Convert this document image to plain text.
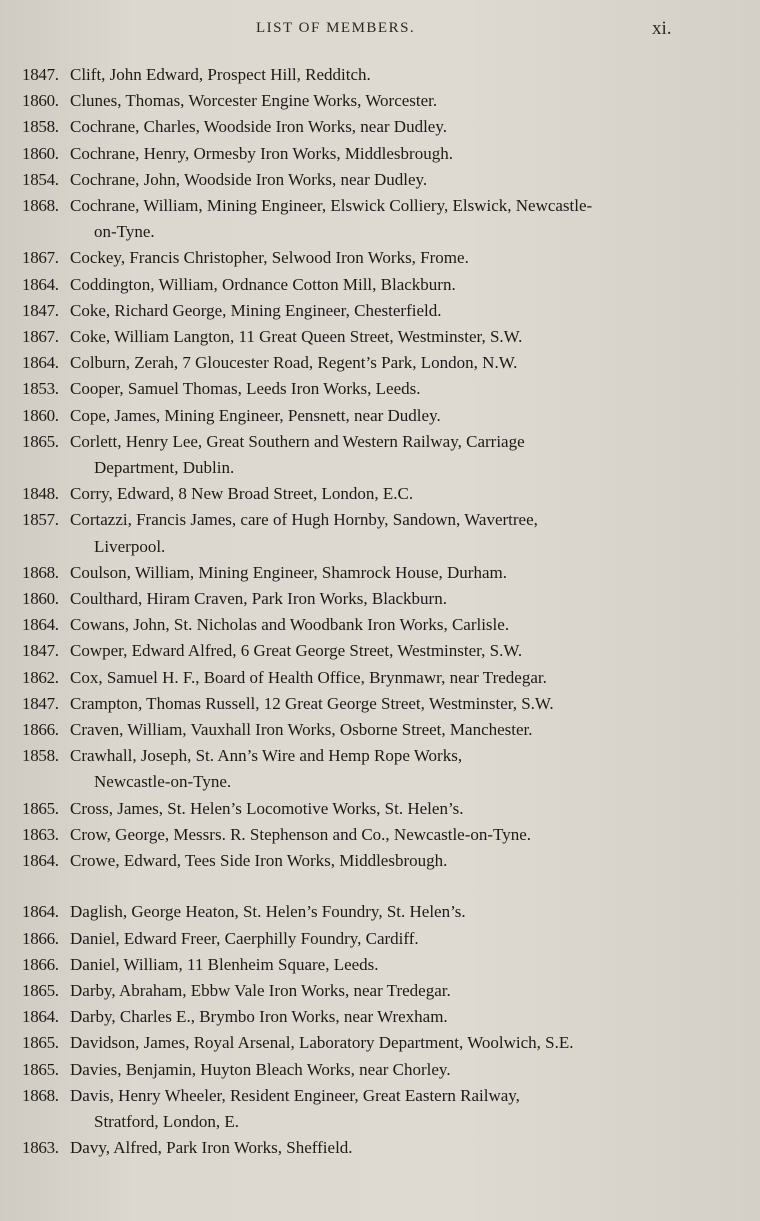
LIST OF MEMBERS.	xi.
1847. Clift, John Edward, Prospect Hill, Redditch.
1860. Clunes, Thomas, Worcester Engine Works, Worcester.
1858. Cochrane, Charles, Woodside Iron Works, near Dudley.
1860. Cochrane, Henry, Ormesby Iron Works, Middlesbrough.
1854. Cochrane, John, Woodside Iron Works, near Dudley.
1868. Cochrane, William, Mining Engineer, Elswick Colliery, Elswick, Newcastle-
on-Tyne.
1867. Cockey, Francis Christopher, Selwood Iron Works, Frome.
1864. Coddington, William, Ordnance Cotton Mill, Blackburn.
1847. Coke, Richard George, Mining Engineer, Chesterfield.
1867. Coke, William Langton, 11 Great Queen Street, Westminster, S.W.
1864. Colburn, Zerah, 7 Gloucester Road, Regent’s Park, London, N.W.
1853. Cooper, Samuel Thomas, Leeds Iron Works, Leeds.
1860. Cope, James, Mining Engineer, Pensnett, near Dudley.
1865. Corlett, Henry Lee, Great Southern and Western Railway, Carriage
Department, Dublin.
1848. Corry, Edward, 8 New Broad Street, London, E.C.
1857. Cortazzi, Francis James, care of Hugh Hornby, Sandown, Wavertree,
Liverpool.
1868. Coulson, William, Mining Engineer, Shamrock House, Durham.
1860. Coulthard, Hiram Craven, Park Iron Works, Blackburn.
1864. Cowans, John, St. Nicholas and Woodbank Iron Works, Carlisle.
1847. Cowper, Edward Alfred, 6 Great George Street, Westminster, S.W.
1862. Cox, Samuel H. F., Board of Health Office, Brynmawr, near Tredegar.
1847. Crampton, Thomas Russell, 12 Great George Street, Westminster, S.W.
1866. Craven, William, Vauxhall Iron Works, Osborne Street, Manchester.
1858. Crawhall, Joseph, St. Ann’s Wire and Hemp Rope Works,
Newcastle-on-Tyne.
1865. Cross, James, St. Helen’s Locomotive Works, St. Helen’s.
1863. Crow, George, Messrs. R. Stephenson and Co., Newcastle-on-Tyne.
1864. Crowe, Edward, Tees Side Iron Works, Middlesbrough.
1864. Daglish, George Heaton, St. Helen’s Foundry, St. Helen’s.
1866. Daniel, Edward Freer, Caerphilly Foundry, Cardiff.
1866. Daniel, William, 11 Blenheim Square, Leeds.
1865. Darby, Abraham, Ebbw Vale Iron Works, near Tredegar.
1864. Darby, Charles E., Brymbo Iron Works, near Wrexham.
1865. Davidson, James, Royal Arsenal, Laboratory Department, Woolwich, S.E.
1865. Davies, Benjamin, Huyton Bleach Works, near Chorley.
1868. Davis, Henry Wheeler, Resident Engineer, Great Eastern Railway,
Stratford, London, E.
1863. Davy, Alfred, Park Iron Works, Sheffield.
